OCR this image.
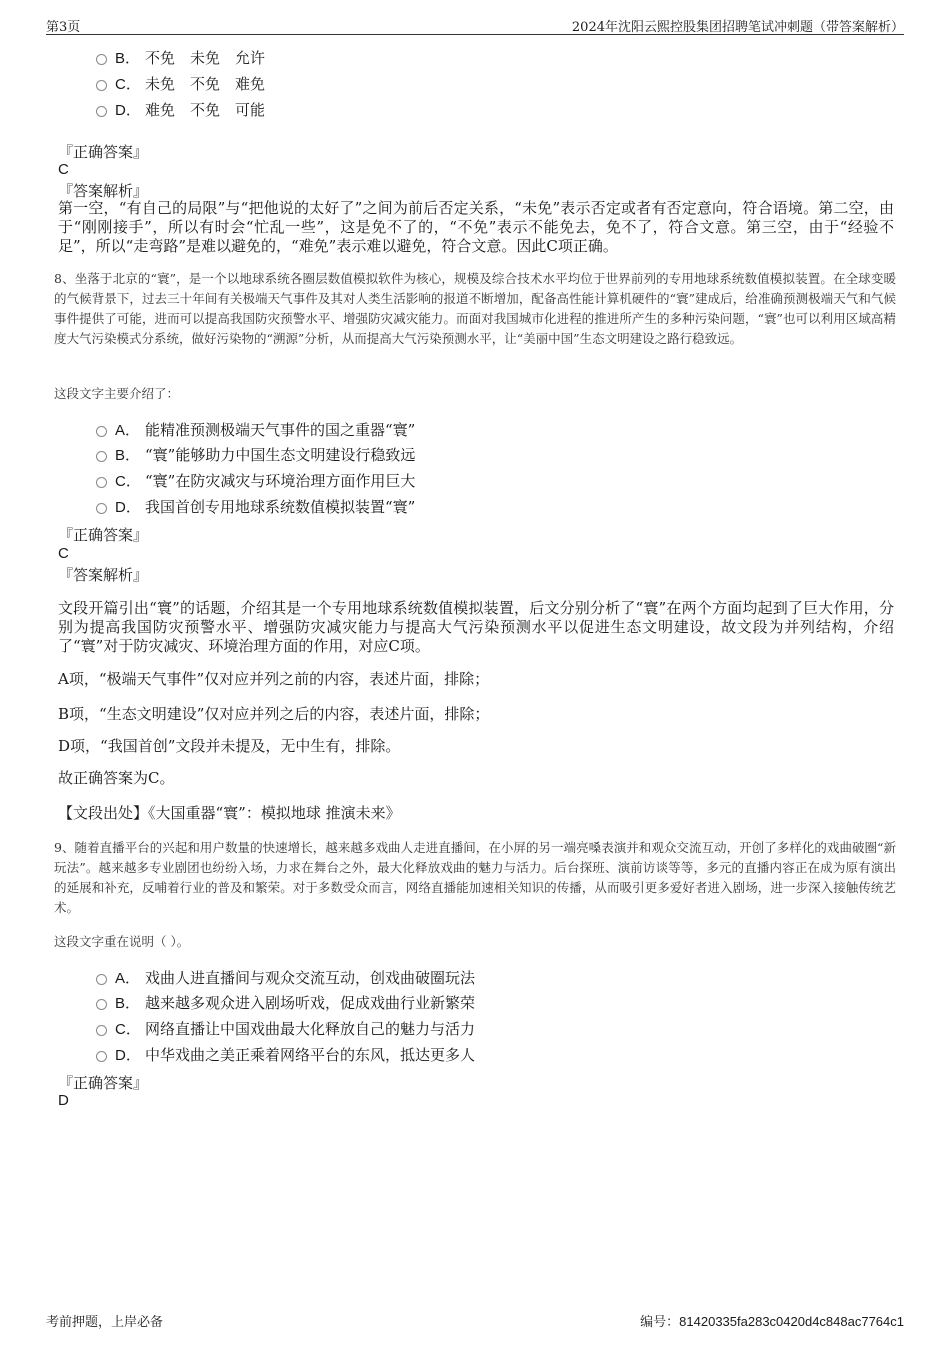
第3页	2024年沈阳云熙控股集团招聘笔试冲刺题（带答案解析）
B． 不免　未免　允许
C． 未免　不免　难免
D． 难免　不免　可能
『正确答案』
C
『答案解析』
第一空，“有自己的局限”与“把他说的太好了”之间为前后否定关系，“未免”表示否定或者有否定意向，符合语境。第二空，由于“刚刚接手”，所以有时会“忙乱一些”，这是免不了的，“不免”表示不能免去，免不了，符合文意。第三空，由于“经验不足”，所以“走弯路”是难以避免的，“难免”表示难以避免，符合文意。因此C项正确。
8、坐落于北京的“寰”，是一个以地球系统各圈层数值模拟软件为核心，规模及综合技术水平均位于世界前列的专用地球系统数值模拟装置。在全球变暖的气候背景下，过去三十年间有关极端天气事件及其对人类生活影响的报道不断增加，配备高性能计算机硬件的“寰”建成后，给准确预测极端天气和气候事件提供了可能，进而可以提高我国防灾预警水平、增强防灾减灾能力。而面对我国城市化进程的推进所产生的多种污染问题，“寰”也可以利用区域高精度大气污染模式分系统，做好污染物的“溯源”分析，从而提高大气污染预测水平，让“美丽中国”生态文明建设之路行稳致远。
这段文字主要介绍了：
A． 能精准预测极端天气事件的国之重器“寰”
B． “寰”能够助力中国生态文明建设行稳致远
C． “寰”在防灾减灾与环境治理方面作用巨大
D． 我国首创专用地球系统数值模拟装置“寰”
『正确答案』
C
『答案解析』
文段开篇引出“寰”的话题，介绍其是一个专用地球系统数值模拟装置，后文分别分析了“寰”在两个方面均起到了巨大作用，分别为提高我国防灾预警水平、增强防灾减灾能力与提高大气污染预测水平以促进生态文明建设，故文段为并列结构，介绍了“寰”对于防灾减灾、环境治理方面的作用，对应C项。
A项，“极端天气事件”仅对应并列之前的内容，表述片面，排除；
B项，“生态文明建设”仅对应并列之后的内容，表述片面，排除；
D项，“我国首创”文段并未提及，无中生有，排除。
故正确答案为C。
【文段出处】《大国重器“寰”：模拟地球 推演未来》
9、随着直播平台的兴起和用户数量的快速增长，越来越多戏曲人走进直播间，在小屏的另一端亮嗓表演并和观众交流互动，开创了多样化的戏曲破圈“新玩法”。越来越多专业剧团也纷纷入场，力求在舞台之外，最大化释放戏曲的魅力与活力。后台探班、演前访谈等等，多元的直播内容正在成为原有演出的延展和补充，反哺着行业的普及和繁荣。对于多数受众而言，网络直播能加速相关知识的传播，从而吸引更多爱好者进入剧场，进一步深入接触传统艺术。
这段文字重在说明（ ）。
A． 戏曲人进直播间与观众交流互动，创戏曲破圈玩法
B． 越来越多观众进入剧场听戏，促成戏曲行业新繁荣
C． 网络直播让中国戏曲最大化释放自己的魅力与活力
D． 中华戏曲之美正乘着网络平台的东风，抵达更多人
『正确答案』
D
考前押题，上岸必备	编号：81420335fa283c0420d4c848ac7764c1
